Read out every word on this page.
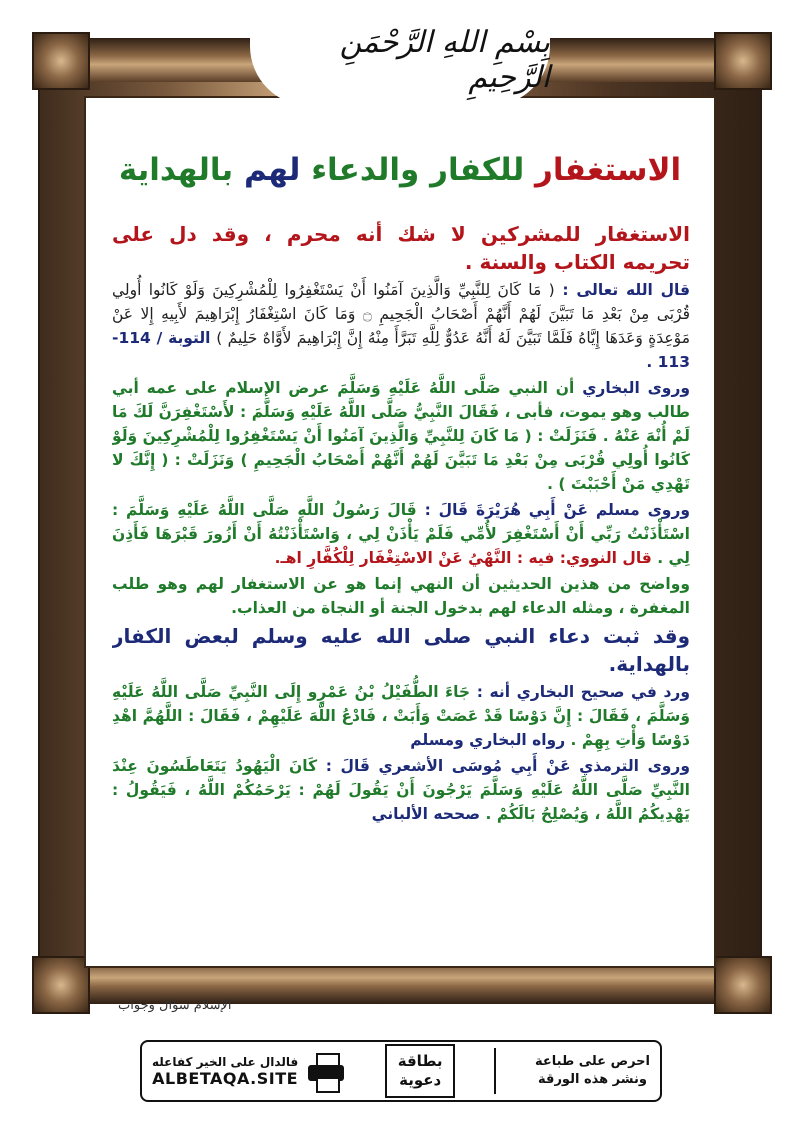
بِسْمِ اللهِ الرَّحْمَنِ الرَّحِيمِ
الاستغفار للكفار والدعاء لهم بالهداية

الاستغفار للمشركين لا شك أنه محرم ، وقد دل على تحريمه الكتاب والسنة .

قال الله تعالى : ( مَا كَانَ لِلنَّبِيِّ وَالَّذِينَ آمَنُوا أَنْ يَسْتَغْفِرُوا لِلْمُشْرِكِينَ وَلَوْ كَانُوا أُولِي قُرْبَى مِنْ بَعْدِ مَا تَبَيَّنَ لَهُمْ أَنَّهُمْ أَصْحَابُ الْجَحِيمِ ۝ وَمَا كَانَ اسْتِغْفَارُ إِبْرَاهِيمَ لأَبِيهِ إِلا عَنْ مَوْعِدَةٍ وَعَدَهَا إِيَّاهُ فَلَمَّا تَبَيَّنَ لَهُ أَنَّهُ عَدُوٌّ لِلَّهِ تَبَرَّأَ مِنْهُ إِنَّ إِبْرَاهِيمَ لأَوَّاهٌ حَلِيمٌ ) التوبة / 114-113 .

وروى البخاري أن النبي صَلَّى اللَّهُ عَلَيْهِ وَسَلَّمَ عرض الإسلام على عمه أبي طالب وهو يموت، فأبى ، فَقَالَ النَّبِيُّ صَلَّى اللَّهُ عَلَيْهِ وَسَلَّمَ : لأَسْتَغْفِرَنَّ لَكَ مَا لَمْ أُنْهَ عَنْهُ . فَنَزَلَتْ : ( مَا كَانَ لِلنَّبِيِّ وَالَّذِينَ آمَنُوا أَنْ يَسْتَغْفِرُوا لِلْمُشْرِكِينَ وَلَوْ كَانُوا أُولِي قُرْبَى مِنْ بَعْدِ مَا تَبَيَّنَ لَهُمْ أَنَّهُمْ أَصْحَابُ الْجَحِيمِ ) وَنَزَلَتْ : ( إِنَّكَ لا تَهْدِي مَنْ أَحْبَبْتَ ) .

وروى مسلم عَنْ أَبِي هُرَيْرَةَ قَالَ : قَالَ رَسُولُ اللَّهِ صَلَّى اللَّهُ عَلَيْهِ وَسَلَّمَ : اسْتَأْذَنْتُ رَبِّي أَنْ أَسْتَغْفِرَ لأُمِّي فَلَمْ يَأْذَنْ لِي ، وَاسْتَأْذَنْتُهُ أَنْ أَزُورَ قَبْرَهَا فَأَذِنَ لِي . قال النووي: فيه : النَّهْيُ عَنْ الاسْتِغْفَار لِلْكُفَّارِ اهـ.

وواضح من هذين الحديثين أن النهي إنما هو عن الاستغفار لهم وهو طلب المغفرة ، ومثله الدعاء لهم بدخول الجنة أو النجاة من العذاب.

وقد ثبت دعاء النبي صلى الله عليه وسلم لبعض الكفار بالهداية.

ورد في صحيح البخاري أنه : جَاءَ الطُّفَيْلُ بْنُ عَمْرٍو إِلَى النَّبِيِّ صَلَّى اللَّهُ عَلَيْهِ وَسَلَّمَ ، فَقَالَ : إِنَّ دَوْسًا قَدْ عَصَتْ وَأَبَتْ ، فَادْعُ اللَّهَ عَلَيْهِمْ ، فَقَالَ : اللَّهُمَّ اهْدِ دَوْسًا وَأْتِ بِهِمْ . رواه البخاري ومسلم

وروى الترمذي عَنْ أَبِي مُوسَى الأشعري قَالَ : كَانَ الْيَهُودُ يَتَعَاطَسُونَ عِنْدَ النَّبِيِّ صَلَّى اللَّهُ عَلَيْهِ وَسَلَّمَ يَرْجُونَ أَنْ يَقُولَ لَهُمْ : يَرْحَمُكُمْ اللَّهُ ، فَيَقُولُ : يَهْدِيكُمُ اللَّهُ ، وَيُصْلِحُ بَالَكُمْ . صححه الألباني

الإسلام سؤال وجواب
فالدال على الخير كفاعله
ALBETAQA.SITE
بطاقة
دعوية
احرص على طباعة
ونشر هذه الورقة
